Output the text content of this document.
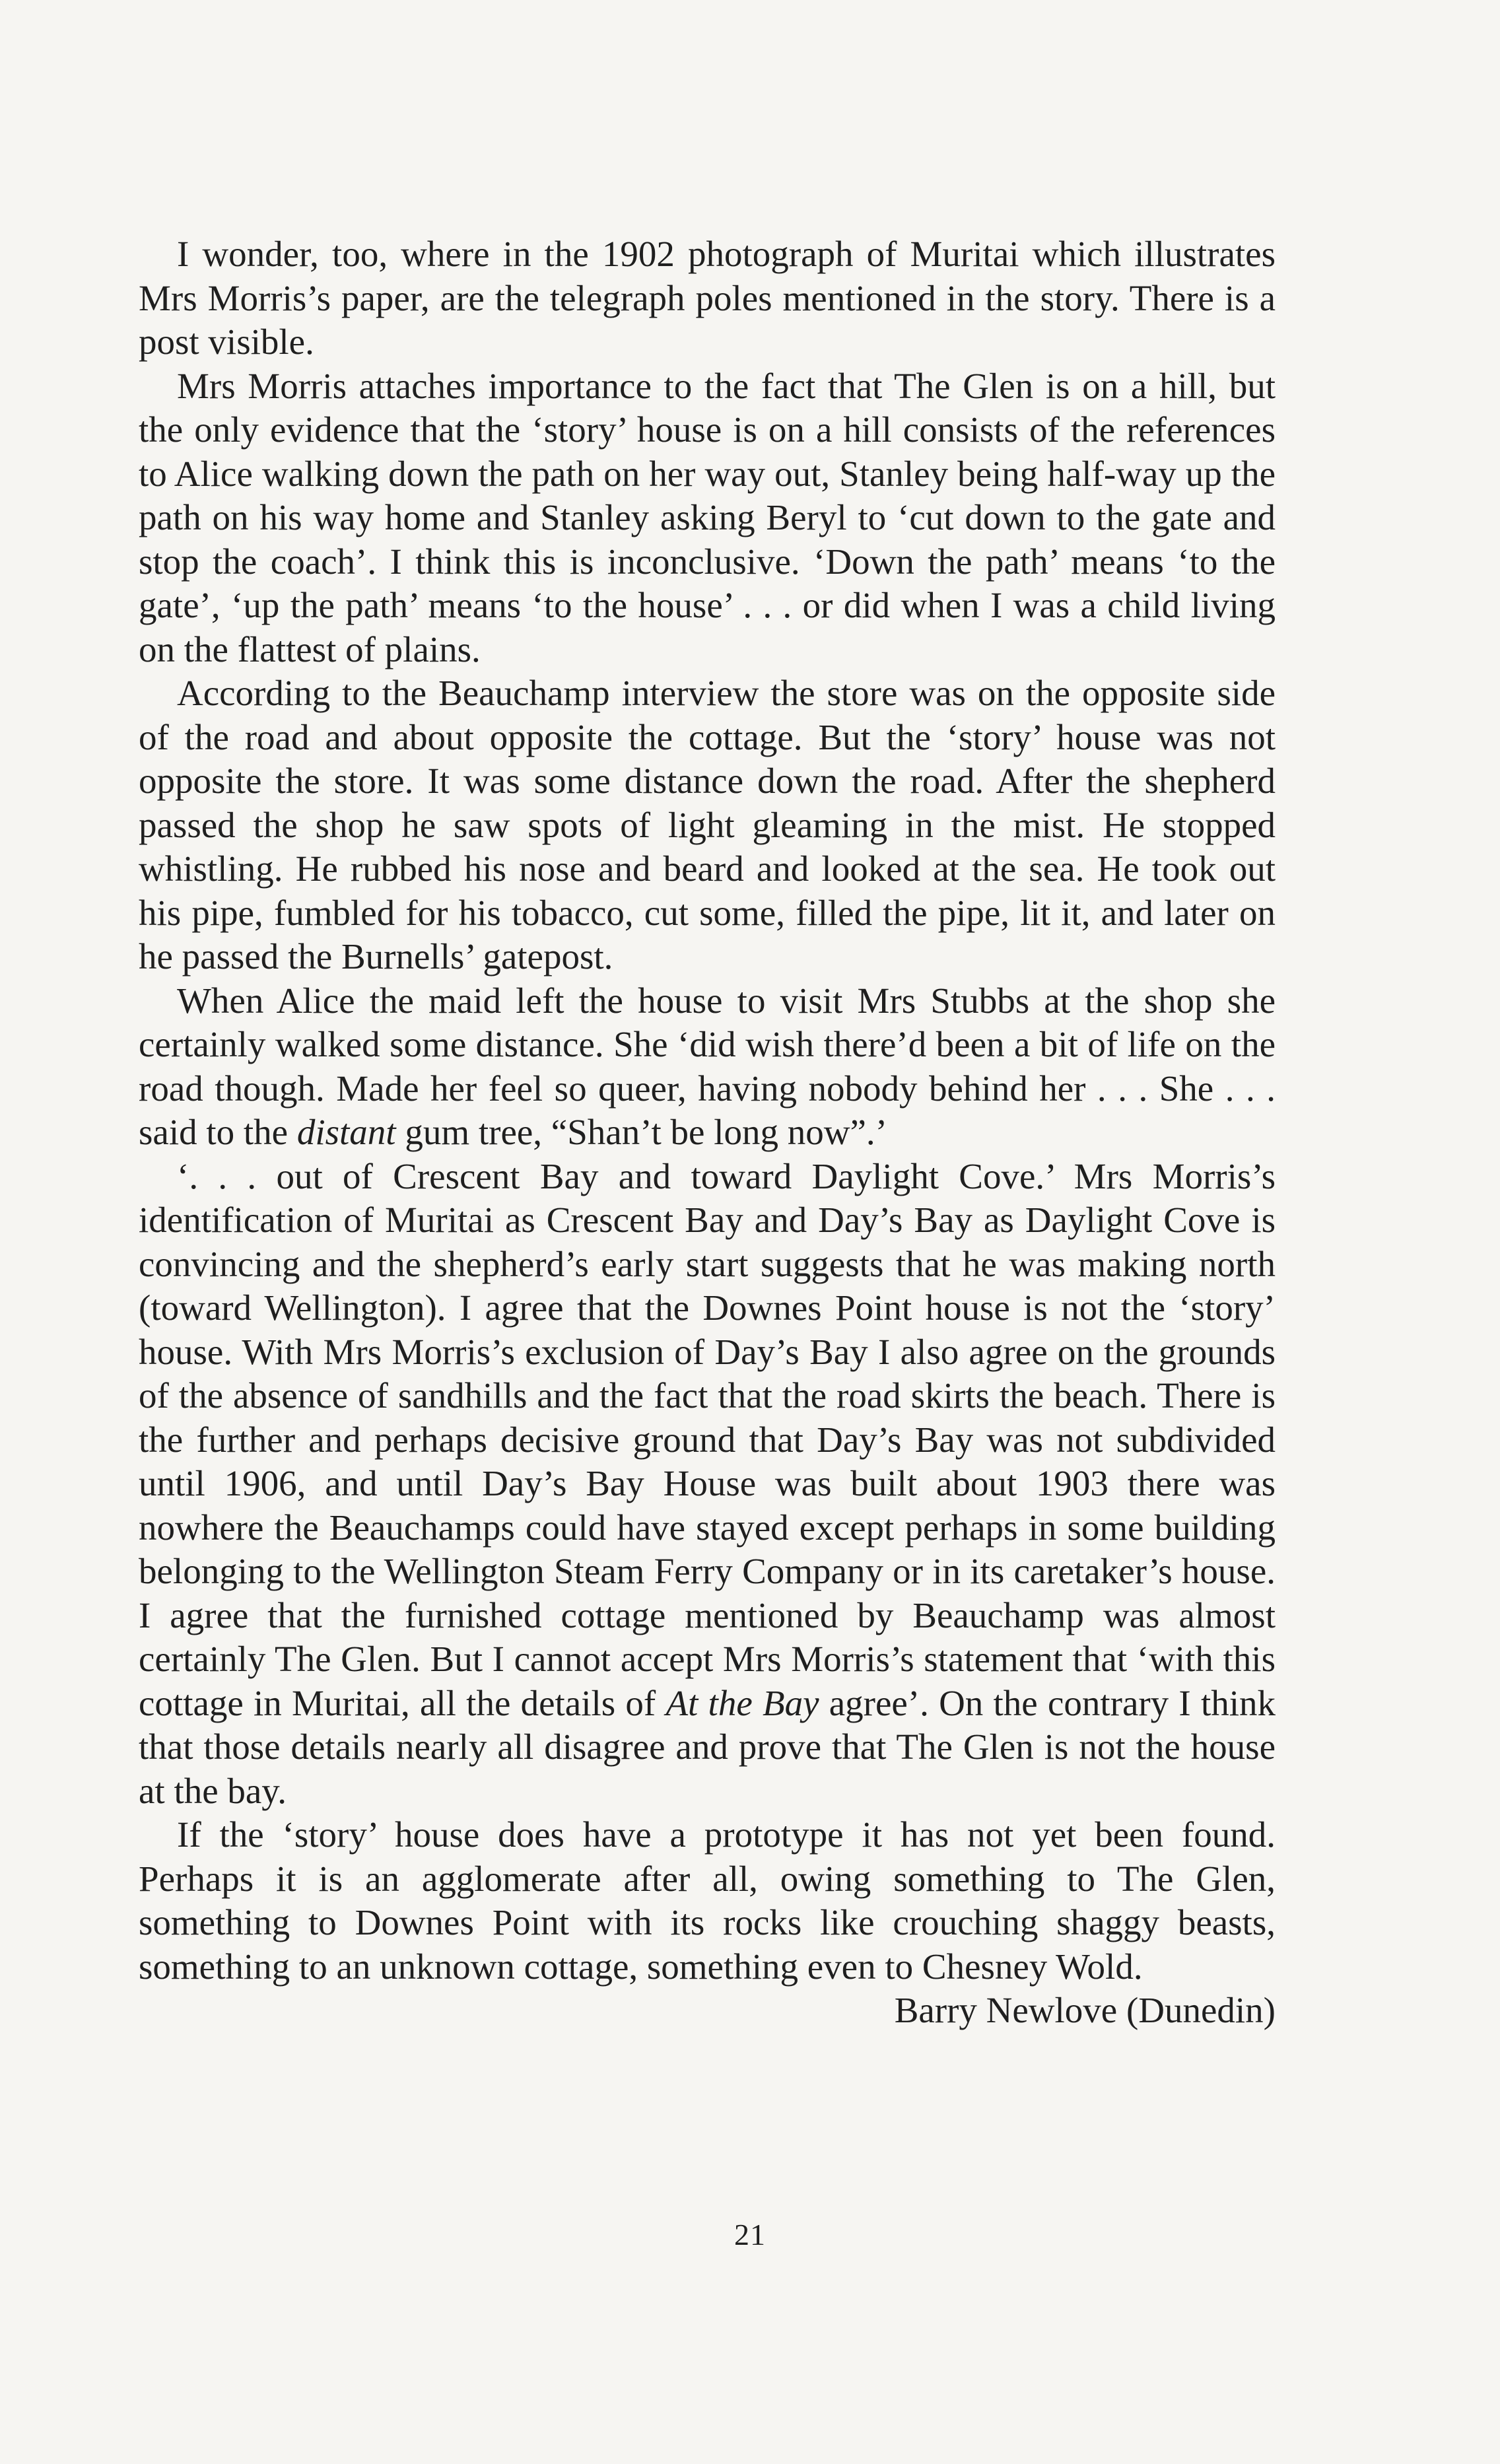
I wonder, too, where in the 1902 photograph of Muritai which illustrates Mrs Morris’s paper, are the telegraph poles mentioned in the story. There is a post visible.

Mrs Morris attaches importance to the fact that The Glen is on a hill, but the only evidence that the ‘story’ house is on a hill consists of the references to Alice walking down the path on her way out, Stanley being half-way up the path on his way home and Stanley asking Beryl to ‘cut down to the gate and stop the coach’. I think this is inconclusive. ‘Down the path’ means ‘to the gate’, ‘up the path’ means ‘to the house’ . . . or did when I was a child living on the flattest of plains.

According to the Beauchamp interview the store was on the opposite side of the road and about opposite the cottage. But the ‘story’ house was not opposite the store. It was some distance down the road. After the shepherd passed the shop he saw spots of light gleaming in the mist. He stopped whistling. He rubbed his nose and beard and looked at the sea. He took out his pipe, fumbled for his tobacco, cut some, filled the pipe, lit it, and later on he passed the Burnells’ gatepost.

When Alice the maid left the house to visit Mrs Stubbs at the shop she certainly walked some distance. She ‘did wish there’d been a bit of life on the road though. Made her feel so queer, having nobody behind her . . . She . . . said to the distant gum tree, “Shan’t be long now”.’

‘. . . out of Crescent Bay and toward Daylight Cove.’ Mrs Morris’s identification of Muritai as Crescent Bay and Day’s Bay as Daylight Cove is convincing and the shepherd’s early start suggests that he was making north (toward Wellington). I agree that the Downes Point house is not the ‘story’ house. With Mrs Morris’s exclusion of Day’s Bay I also agree on the grounds of the absence of sandhills and the fact that the road skirts the beach. There is the further and perhaps decisive ground that Day’s Bay was not subdivided until 1906, and until Day’s Bay House was built about 1903 there was nowhere the Beauchamps could have stayed except perhaps in some building belonging to the Wellington Steam Ferry Company or in its caretaker’s house. I agree that the furnished cottage mentioned by Beauchamp was almost certainly The Glen. But I cannot accept Mrs Morris’s statement that ‘with this cottage in Muritai, all the details of At the Bay agree’. On the contrary I think that those details nearly all disagree and prove that The Glen is not the house at the bay.

If the ‘story’ house does have a prototype it has not yet been found. Perhaps it is an agglomerate after all, owing something to The Glen, something to Downes Point with its rocks like crouching shaggy beasts, something to an unknown cottage, something even to Chesney Wold.

Barry Newlove (Dunedin)
21
